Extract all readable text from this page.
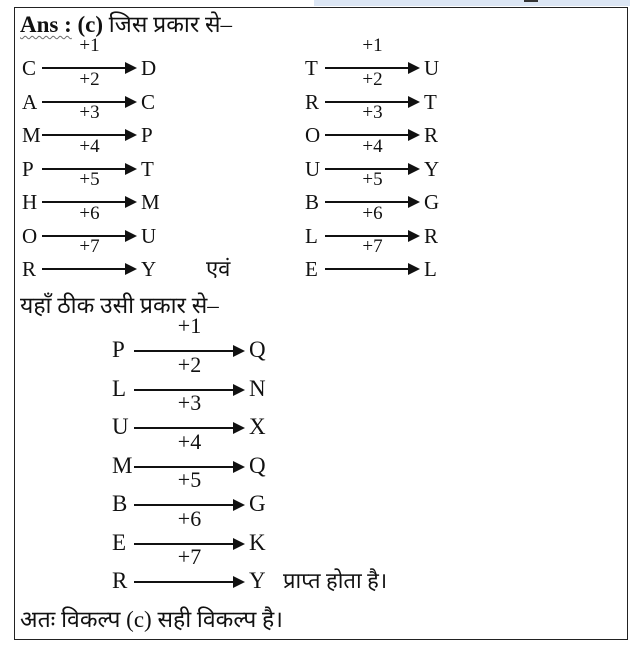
Ans : (c) जिस प्रकार से–
C
+1
D
A
+2
C
M
+3
P
P
+4
T
H
+5
M
O
+6
U
R
+7
Y एवं
T
+1
U
R
+2
T
O
+3
R
U
+4
Y
B
+5
G
L
+6
R
E
+7
L
यहाँ ठीक उसी प्रकार से–
P
+1
Q
L
+2
N
U
+3
X
M
+4
Q
B
+5
G
E
+6
K
R
+7
Y प्राप्त होता है।
अतः विकल्प (c) सही विकल्प है।
